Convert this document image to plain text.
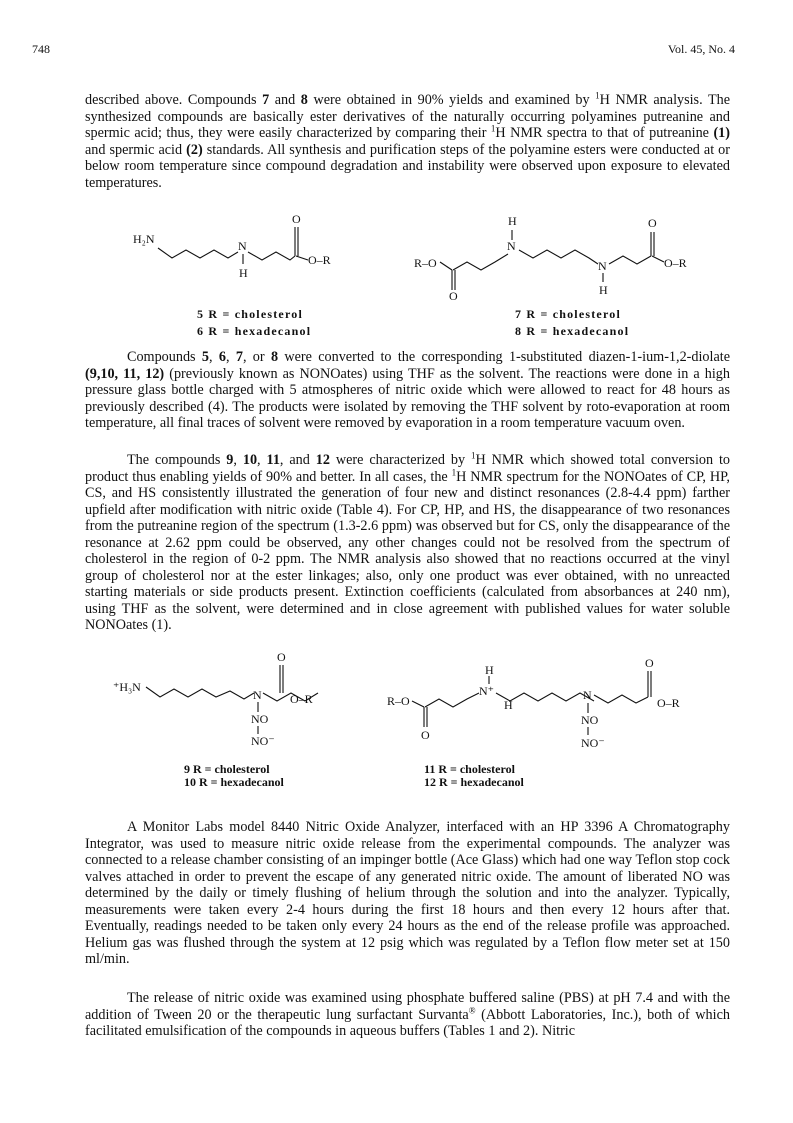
748	Vol. 45, No. 4

described above. Compounds 7 and 8 were obtained in 90% yields and examined by $^1$H NMR analysis. The synthesized compounds are basically ester derivatives of the naturally occurring polyamines putreanine and spermic acid; thus, they were easily characterized by comparing their $^1$H NMR spectra to that of putreanine (1) and spermic acid (2) standards. All synthesis and purification steps of the polyamine esters were conducted at or below room temperature since compound degradation and instability were observed upon exposure to elevated temperatures.

H₂N	N
H
O
O–R	R–O
O
N
H
N
H
O
O–R
5 R = cholesterol
6 R = hexadecanol
7 R = cholesterol
8 R = hexadecanol

Compounds 5, 6, 7, or 8 were converted to the corresponding 1-substituted diazen-1-ium-1,2-diolate (9,10, 11, 12) (previously known as NONOates) using THF as the solvent. The reactions were done in a high pressure glass bottle charged with 5 atmospheres of nitric oxide which were allowed to react for 48 hours as previously described (4). The products were isolated by removing the THF solvent by roto-evaporation at room temperature, all final traces of solvent were removed by evaporation in a room temperature vacuum oven.

The compounds 9, 10, 11, and 12 were characterized by $^1$H NMR which showed total conversion to product thus enabling yields of 90% and better. In all cases, the $^1$H NMR spectrum for the NONOates of CP, HP, CS, and HS consistently illustrated the generation of four new and distinct resonances (2.8-4.4 ppm) farther upfield after modification with nitric oxide (Table 4). For CP, HP, and HS, the disappearance of two resonances from the putreanine region of the spectrum (1.3-2.6 ppm) was observed but for CS, only the disappearance of the resonance at 2.62 ppm could be observed, any other changes could not be resolved from the spectrum of cholesterol in the region of 0-2 ppm. The NMR analysis also showed that no reactions occurred at the vinyl group of cholesterol nor at the ester linkages; also, only one product was ever obtained, with no unreacted starting materials or side products present. Extinction coefficients (calculated from absorbances at 240 nm), using THF as the solvent, were determined and in close agreement with published values for water soluble NONOates (1).

⁺H₃N
N
NO
NO⁻
O
O–R	R–O
O
N⁺
H
H
N
NO
NO⁻
O
O–R
9 R = cholesterol
10 R = hexadecanol
11 R = cholesterol
12 R = hexadecanol

A Monitor Labs model 8440 Nitric Oxide Analyzer, interfaced with an HP 3396 A Chromatography Integrator, was used to measure nitric oxide release from the experimental compounds. The analyzer was connected to a release chamber consisting of an impinger bottle (Ace Glass) which had one way Teflon stop cock valves attached in order to prevent the escape of any generated nitric oxide. The amount of liberated NO was determined by the daily or timely flushing of helium through the solution and into the analyzer. Typically, measurements were taken every 2-4 hours during the first 18 hours and then every 12 hours after that. Eventually, readings needed to be taken only every 24 hours as the end of the release profile was approached. Helium gas was flushed through the system at 12 psig which was regulated by a Teflon flow meter set at 150 ml/min.

The release of nitric oxide was examined using phosphate buffered saline (PBS) at pH 7.4 and with the addition of Tween 20 or the therapeutic lung surfactant Survanta® (Abbott Laboratories, Inc.), both of which facilitated emulsification of the compounds in aqueous buffers (Tables 1 and 2). Nitric
